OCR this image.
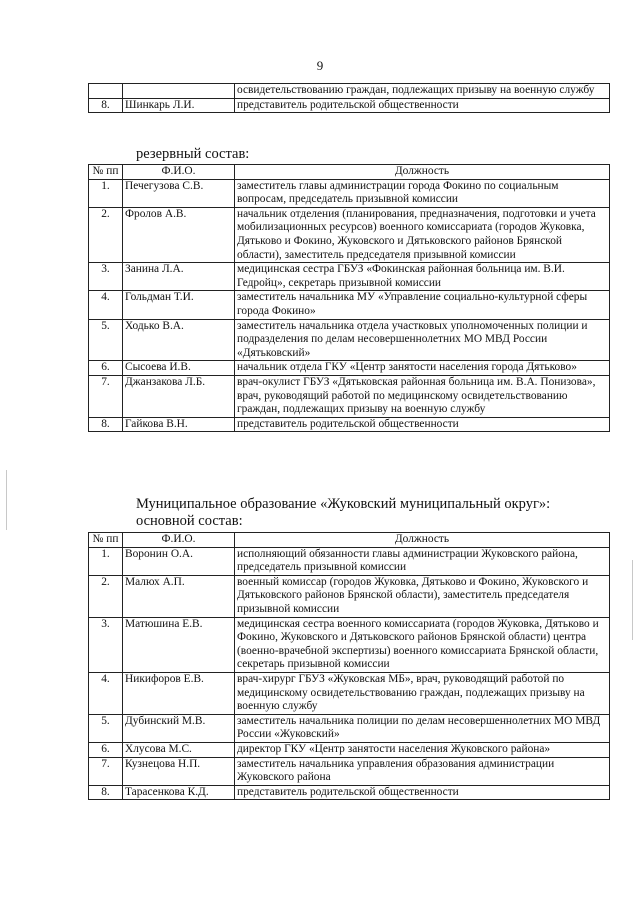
9
		освидетельствованию граждан, подлежащих призыву на военную службу
8.	Шинкарь Л.И.	представитель родительской общественности
резервный состав:
№ пп	Ф.И.О.	Должность
1.	Печегузова С.В.	заместитель главы администрации города Фокино по социальным вопросам, председатель призывной комиссии
2.	Фролов А.В.	начальник отделения (планирования, предназначения, подготовки и учета мобилизационных ресурсов) военного комиссариата (городов Жуковка, Дятьково и Фокино, Жуковского и Дятьковского районов Брянской области), заместитель председателя призывной комиссии
3.	Занина Л.А.	медицинская сестра ГБУЗ «Фокинская районная больница им. В.И. Гедройц», секретарь призывной комиссии
4.	Гольдман Т.И.	заместитель начальника МУ «Управление социально-культурной сферы города Фокино»
5.	Ходько В.А.	заместитель начальника отдела участковых уполномоченных полиции и подразделения по делам несовершеннолетних МО МВД России «Дятьковский»
6.	Сысоева И.В.	начальник отдела ГКУ «Центр занятости населения города Дятьково»
7.	Джанзакова Л.Б.	врач-окулист ГБУЗ «Дятьковская районная больница им. В.А. Понизова», врач, руководящий работой по медицинскому освидетельствованию граждан, подлежащих призыву на военную службу
8.	Гайкова В.Н.	представитель родительской общественности
Муниципальное образование «Жуковский муниципальный округ»:
основной состав:
№ пп	Ф.И.О.	Должность
1.	Воронин О.А.	исполняющий обязанности главы администрации Жуковского района, председатель призывной комиссии
2.	Малюх А.П.	военный комиссар (городов Жуковка, Дятьково и Фокино, Жуковского и Дятьковского районов Брянской области), заместитель председателя призывной комиссии
3.	Матюшина Е.В.	медицинская сестра военного комиссариата (городов Жуковка, Дятьково и Фокино, Жуковского и Дятьковского районов Брянской области) центра (военно-врачебной экспертизы) военного комиссариата Брянской области, секретарь призывной комиссии
4.	Никифоров Е.В.	врач-хирург ГБУЗ «Жуковская МБ», врач, руководящий работой по медицинскому освидетельствованию граждан, подлежащих призыву на военную службу
5.	Дубинский М.В.	заместитель начальника полиции по делам несовершеннолетних МО МВД России «Жуковский»
6.	Хлусова М.С.	директор ГКУ «Центр занятости населения Жуковского района»
7.	Кузнецова Н.П.	заместитель начальника управления образования администрации Жуковского района
8.	Тарасенкова К.Д.	представитель родительской общественности
